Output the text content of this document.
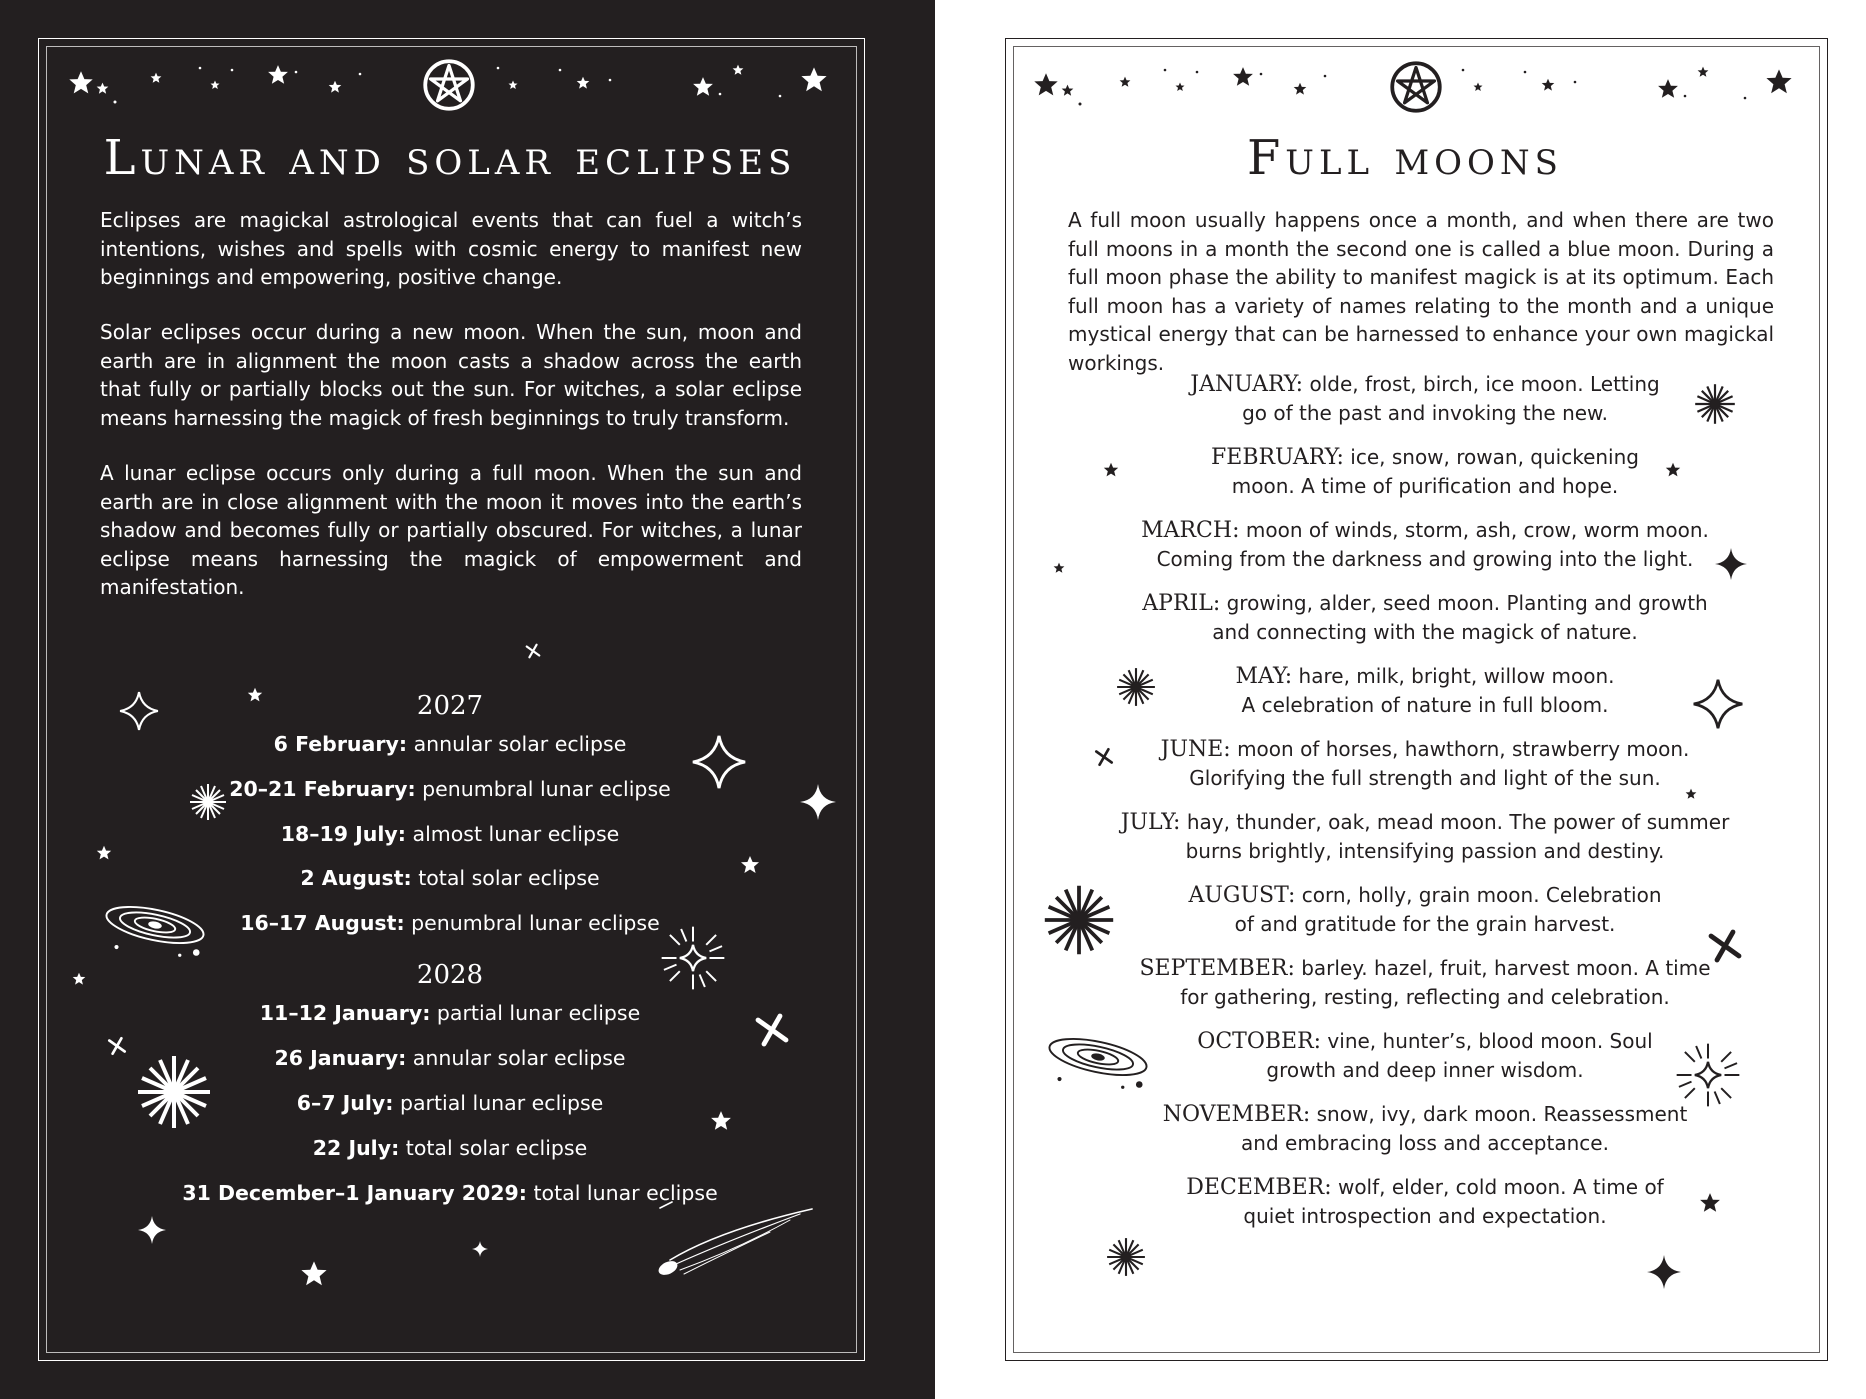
Lunar and solar eclipses

Eclipses are magickal astrological events that can fuel a witch’s intentions, wishes and spells with cosmic energy to manifest new beginnings and empowering, positive change.

Solar eclipses occur during a new moon. When the sun, moon and earth are in alignment the moon casts a shadow across the earth that fully or partially blocks out the sun. For witches, a solar eclipse means harnessing the magick of fresh beginnings to truly transform.

A lunar eclipse occurs only during a full moon. When the sun and earth are in close alignment with the moon it moves into the earth’s shadow and becomes fully or partially obscured. For witches, a lunar eclipse means harnessing the magick of empowerment and manifestation.

2027
6 February: annular solar eclipse
20–21 February: penumbral lunar eclipse
18–19 July: almost lunar eclipse
2 August: total solar eclipse
16–17 August: penumbral lunar eclipse
2028
11–12 January: partial lunar eclipse
26 January: annular solar eclipse
6–7 July: partial lunar eclipse
22 July: total solar eclipse
31 December–1 January 2029: total lunar eclipse
Full moons

A full moon usually happens once a month, and when there are two full moons in a month the second one is called a blue moon. During a full moon phase the ability to manifest magick is at its optimum. Each full moon has a variety of names relating to the month and a unique mystical energy that can be harnessed to enhance your own magickal workings.

JANUARY: olde, frost, birch, ice moon. Letting
go of the past and invoking the new.
FEBRUARY: ice, snow, rowan, quickening
moon. A time of purification and hope.
MARCH: moon of winds, storm, ash, crow, worm moon.
Coming from the darkness and growing into the light.
APRIL: growing, alder, seed moon. Planting and growth
and connecting with the magick of nature.
MAY: hare, milk, bright, willow moon.
A celebration of nature in full bloom.
JUNE: moon of horses, hawthorn, strawberry moon.
Glorifying the full strength and light of the sun.
JULY: hay, thunder, oak, mead moon. The power of summer
burns brightly, intensifying passion and destiny.
AUGUST: corn, holly, grain moon. Celebration
of and gratitude for the grain harvest.
SEPTEMBER: barley. hazel, fruit, harvest moon. A time
for gathering, resting, reflecting and celebration.
OCTOBER: vine, hunter’s, blood moon. Soul
growth and deep inner wisdom.
NOVEMBER: snow, ivy, dark moon. Reassessment
and embracing loss and acceptance.
DECEMBER: wolf, elder, cold moon. A time of
quiet introspection and expectation.
